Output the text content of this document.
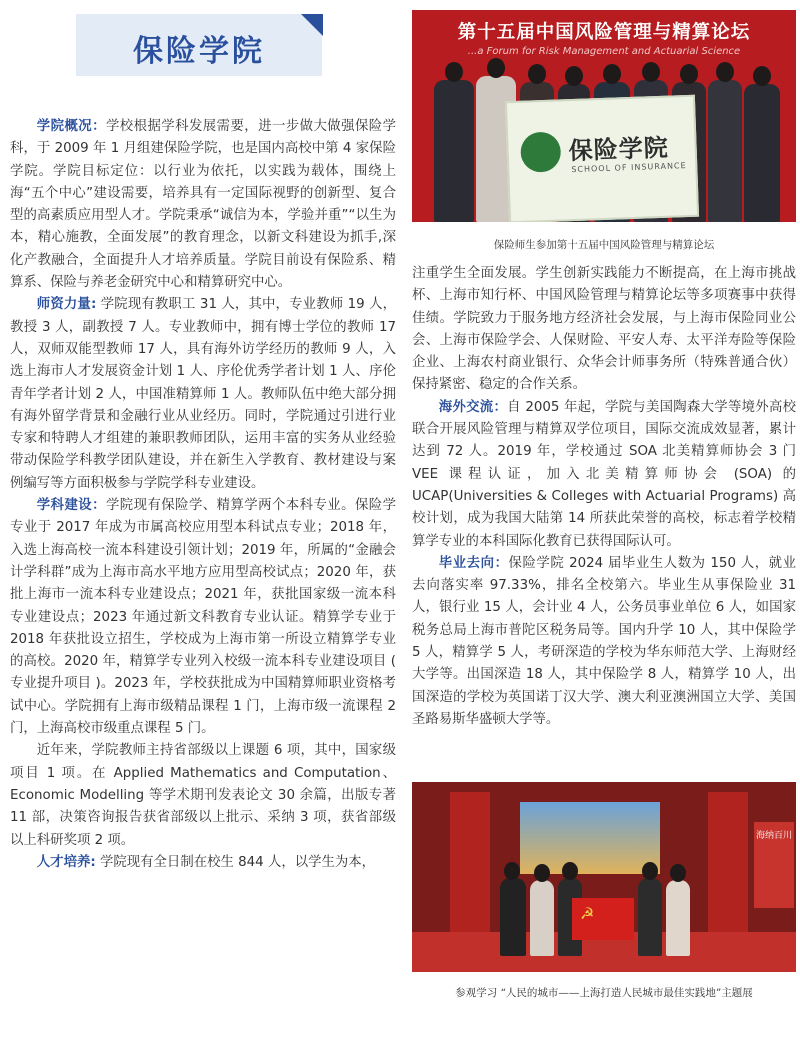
保险学院

学院概况：学校根据学科发展需要，进一步做大做强保险学科，于 2009 年 1 月组建保险学院，也是国内高校中第 4 家保险学院。学院目标定位：以行业为依托，以实践为载体，围绕上海“五个中心”建设需要，培养具有一定国际视野的创新型、复合型的高素质应用型人才。学院秉承“诚信为本，学验并重”“以生为本，精心施教，全面发展”的教育理念，以新文科建设为抓手,深化产教融合，全面提升人才培养质量。学院目前设有保险系、精算系、保险与养老金研究中心和精算研究中心。

师资力量: 学院现有教职工 31 人，其中，专业教师 19 人，教授 3 人，副教授 7 人。专业教师中，拥有博士学位的教师 17 人，双师双能型教师 17 人，具有海外访学经历的教师 9 人，入选上海市人才发展资金计划 1 人、序伦优秀学者计划 1 人、序伦青年学者计划 2 人，中国准精算师 1 人。教师队伍中绝大部分拥有海外留学背景和金融行业从业经历。同时，学院通过引进行业专家和特聘人才组建的兼职教师团队，运用丰富的实务从业经验带动保险学科教学团队建设，并在新生入学教育、教材建设与案例编写等方面积极参与学院学科专业建设。

学科建设：学院现有保险学、精算学两个本科专业。保险学专业于 2017 年成为市属高校应用型本科试点专业；2018 年，入选上海高校一流本科建设引领计划；2019 年，所属的“金融会计学科群”成为上海市高水平地方应用型高校试点；2020 年，获批上海市一流本科专业建设点；2021 年，获批国家级一流本科专业建设点；2023 年通过新文科教育专业认证。精算学专业于 2018 年获批设立招生，学校成为上海市第一所设立精算学专业的高校。2020 年，精算学专业列入校级一流本科专业建设项目 ( 专业提升项目 )。2023 年，学校获批成为中国精算师职业资格考试中心。学院拥有上海市级精品课程 1 门，上海市级一流课程 2 门，上海高校市级重点课程 5 门。

近年来，学院教师主持省部级以上课题 6 项，其中，国家级项目 1 项。在 Applied Mathematics and Computation、Economic Modelling 等学术期刊发表论文 30 余篇，出版专著 11 部，决策咨询报告获省部级以上批示、采纳 3 项，获省部级以上科研奖项 2 项。

人才培养: 学院现有全日制在校生 844 人，以学生为本，

第十五届中国风险管理与精算论坛
...a Forum for Risk Management and Actuarial Science
保险学院
SCHOOL OF INSURANCE
保险师生参加第十五届中国风险管理与精算论坛

注重学生全面发展。学生创新实践能力不断提高，在上海市挑战杯、上海市知行杯、中国风险管理与精算论坛等多项赛事中获得佳绩。学院致力于服务地方经济社会发展，与上海市保险同业公会、上海市保险学会、人保财险、平安人寿、太平洋寿险等保险企业、上海农村商业银行、众华会计师事务所（特殊普通合伙）保持紧密、稳定的合作关系。

海外交流：自 2005 年起，学院与美国陶森大学等境外高校联合开展风险管理与精算双学位项目，国际交流成效显著，累计达到 72 人。2019 年，学校通过 SOA 北美精算师协会 3 门 VEE 课程认证，加入北美精算师协会 (SOA) 的 UCAP(Universities & Colleges with Actuarial Programs) 高校计划，成为我国大陆第 14 所获此荣誉的高校，标志着学校精算学专业的本科国际化教育已获得国际认可。

毕业去向：保险学院 2024 届毕业生人数为 150 人，就业去向落实率 97.33%，排名全校第六。毕业生从事保险业 31 人，银行业 15 人，会计业 4 人，公务员事业单位 6 人，如国家税务总局上海市普陀区税务局等。国内升学 10 人，其中保险学 5 人，精算学 5 人，考研深造的学校为华东师范大学、上海财经大学等。出国深造 18 人，其中保险学 8 人，精算学 10 人，出国深造的学校为英国诺丁汉大学、澳大利亚澳洲国立大学、美国圣路易斯华盛顿大学等。

海纳百川
☭
参观学习 “人民的城市——上海打造人民城市最佳实践地”主题展
